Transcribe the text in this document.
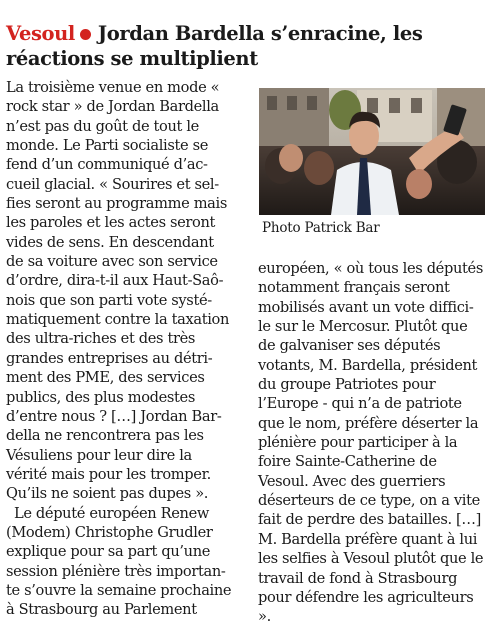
Vesoul Jordan Bardella s’enracine, les réactions se multiplient

La troisième venue en mode «
rock star » de Jordan Bardella
n’est pas du goût de tout le
monde. Le Parti socialiste se
fend d’un communiqué d’ac-
cueil glacial. « Sourires et sel-
fies seront au programme mais
les paroles et les actes seront
vides de sens. En descendant
de sa voiture avec son service
d’ordre, dira-t-il aux Haut-Saô-
nois que son parti vote systé-
matiquement contre la taxation
des ultra-riches et des très
grandes entreprises au détri-
ment des PME, des services
publics, des plus modestes
d’entre nous ? […] Jordan Bar-
della ne rencontrera pas les
Vésuliens pour leur dire la
vérité mais pour les tromper.
Qu’ils ne soient pas dupes ».

Le député européen Renew
(Modem) Christophe Grudler
explique pour sa part qu’une
session plénière très importan-
te s’ouvre la semaine prochaine
à Strasbourg au Parlement

Photo Patrick Bar

européen, « où tous les députés
notamment français seront
mobilisés avant un vote diffici-
le sur le Mercosur. Plutôt que
de galvaniser ses députés
votants, M. Bardella, président
du groupe Patriotes pour
l’Europe - qui n’a de patriote
que le nom, préfère déserter la
plénière pour participer à la
foire Sainte-Catherine de
Vesoul. Avec des guerriers
déserteurs de ce type, on a vite
fait de perdre des batailles. […]
M. Bardella préfère quant à lui
les selfies à Vesoul plutôt que le
travail de fond à Strasbourg
pour défendre les agriculteurs
».
